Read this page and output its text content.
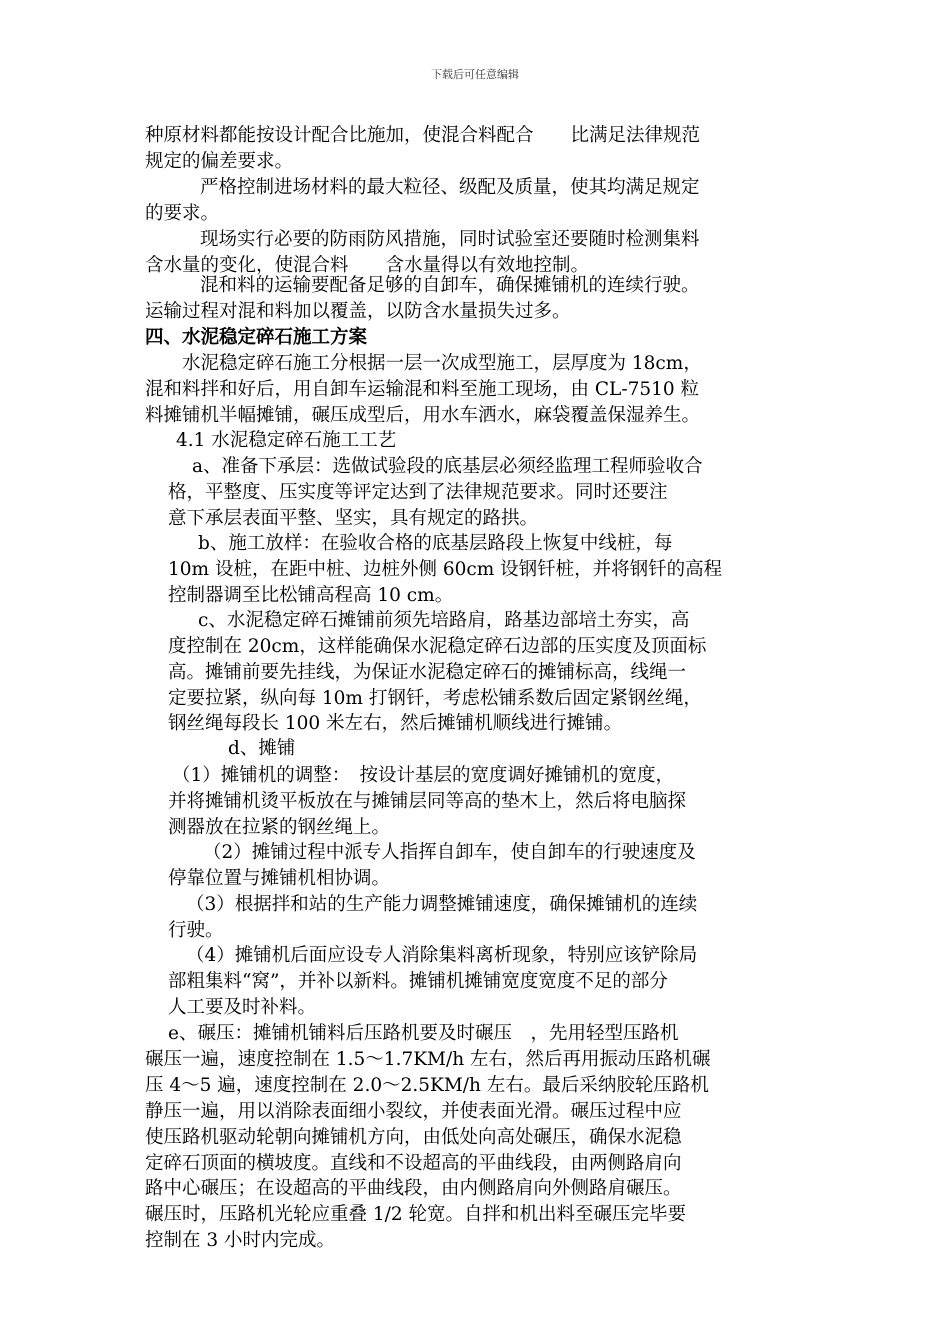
下载后可任意编辑
种原材料都能按设计配合比施加，使混合料配合　　比满足法律规范
规定的偏差要求。
严格控制进场材料的最大粒径、级配及质量，使其均满足规定
的要求。
现场实行必要的防雨防风措施，同时试验室还要随时检测集料
含水量的变化，使混合料　　含水量得以有效地控制。
混和料的运输要配备足够的自卸车，确保摊铺机的连续行驶。
运输过程对混和料加以覆盖，以防含水量损失过多。
四、水泥稳定碎石施工方案
水泥稳定碎石施工分根据一层一次成型施工，层厚度为 18cm，
混和料拌和好后，用自卸车运输混和料至施工现场，由 CL-7510 粒
料摊铺机半幅摊铺，碾压成型后，用水车洒水，麻袋覆盖保湿养生。
4.1 水泥稳定碎石施工工艺
a、准备下承层：选做试验段的底基层必须经监理工程师验收合
格，平整度、压实度等评定达到了法律规范要求。同时还要注
意下承层表面平整、坚实，具有规定的路拱。
b、施工放样：在验收合格的底基层路段上恢复中线桩，每
10m 设桩，在距中桩、边桩外侧 60cm 设钢钎桩，并将钢钎的高程
控制器调至比松铺高程高 10 cm。
c、水泥稳定碎石摊铺前须先培路肩，路基边部培土夯实，高
度控制在 20cm，这样能确保水泥稳定碎石边部的压实度及顶面标
高。摊铺前要先挂线，为保证水泥稳定碎石的摊铺标高，线绳一
定要拉紧，纵向每 10m 打钢钎，考虑松铺系数后固定紧钢丝绳，
钢丝绳每段长 100 米左右，然后摊铺机顺线进行摊铺。
d、摊铺
（1）摊铺机的调整：　按设计基层的宽度调好摊铺机的宽度，
并将摊铺机烫平板放在与摊铺层同等高的垫木上，然后将电脑探
测器放在拉紧的钢丝绳上。
（2）摊铺过程中派专人指挥自卸车，使自卸车的行驶速度及
停靠位置与摊铺机相协调。
（3）根据拌和站的生产能力调整摊铺速度，确保摊铺机的连续
行驶。
（4）摊铺机后面应设专人消除集料离析现象，特别应该铲除局
部粗集料“窝”，并补以新料。摊铺机摊铺宽度宽度不足的部分
人工要及时补料。
e、碾压：摊铺机铺料后压路机要及时碾压　，先用轻型压路机
碾压一遍，速度控制在 1.5～1.7KM/h 左右，然后再用振动压路机碾
压 4～5 遍，速度控制在 2.0～2.5KM/h 左右。最后采纳胶轮压路机
静压一遍，用以消除表面细小裂纹，并使表面光滑。碾压过程中应
使压路机驱动轮朝向摊铺机方向，由低处向高处碾压，确保水泥稳
定碎石顶面的横坡度。直线和不设超高的平曲线段，由两侧路肩向
路中心碾压；在设超高的平曲线段，由内侧路肩向外侧路肩碾压。
碾压时，压路机光轮应重叠 1/2 轮宽。自拌和机出料至碾压完毕要
控制在 3 小时内完成。
